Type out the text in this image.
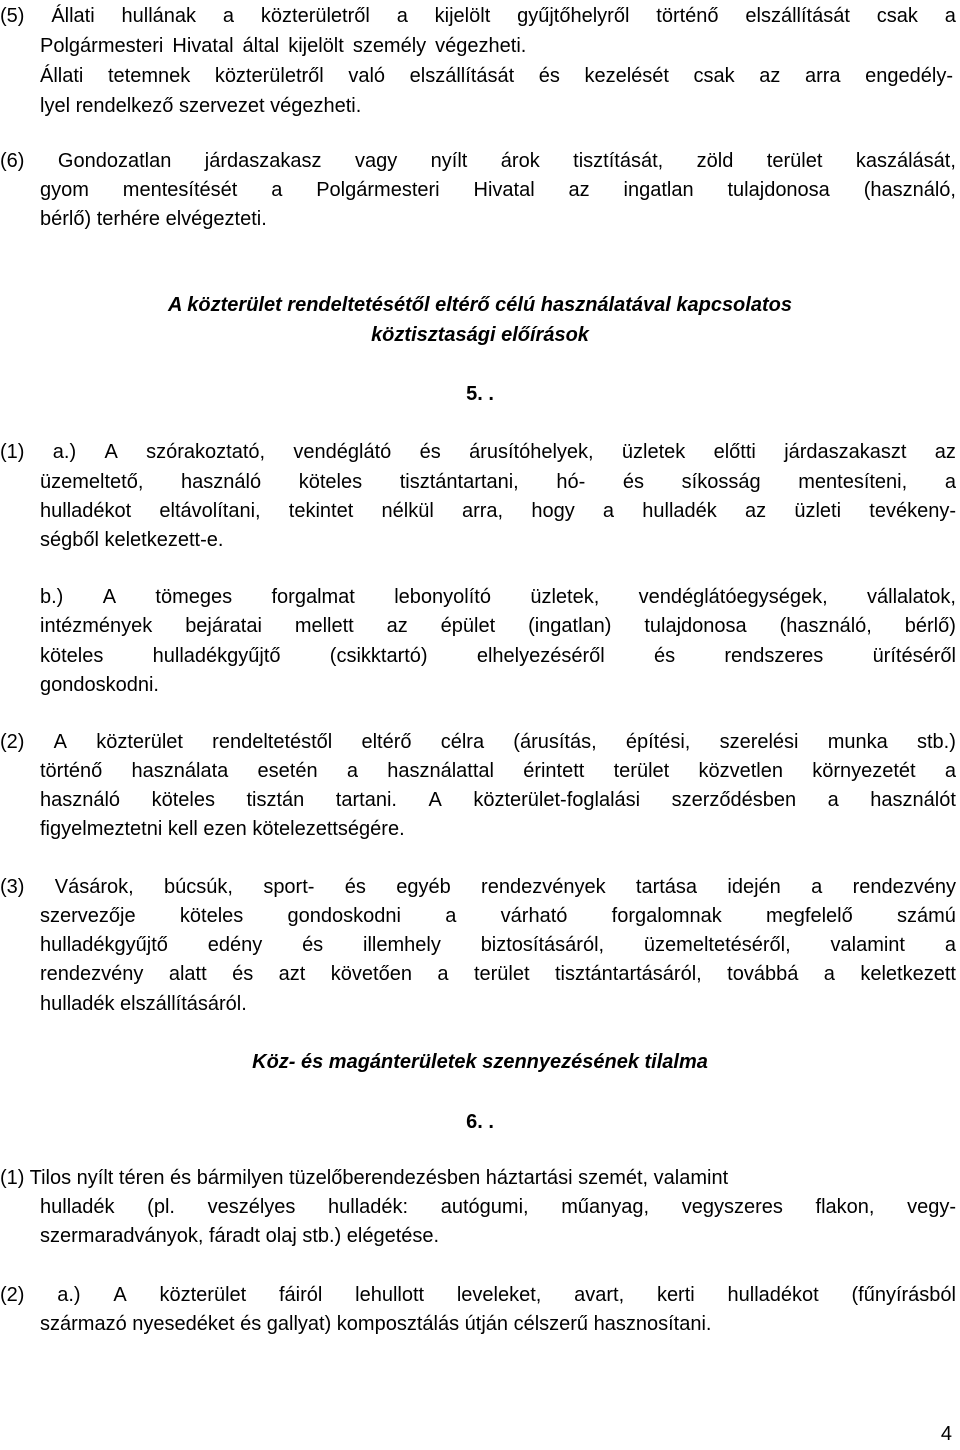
(5) Állati hullának a közterületről a kijelölt gyűjtőhelyről történő elszállítását csak a
Polgármesteri Hivatal által kijelölt személy végezheti.
Állati tetemnek közterületről való elszállítását és kezelését csak az arra engedély-
lyel rendelkező szervezet végezheti.
(6) Gondozatlan járdaszakasz vagy nyílt árok tisztítását, zöld terület kaszálását,
gyom mentesítését a Polgármesteri Hivatal az ingatlan tulajdonosa (használó,
bérlő) terhére elvégezteti.
A közterület rendeltetésétől eltérő célú használatával kapcsolatos
köztisztasági előírások
5. .
(1) a.) A szórakoztató, vendéglátó és árusítóhelyek, üzletek előtti járdaszakaszt az
üzemeltető, használó köteles tisztántartani, hó- és síkosság mentesíteni, a
hulladékot eltávolítani, tekintet nélkül arra, hogy a hulladék az üzleti tevékeny-
ségből keletkezett-e.
b.) A tömeges forgalmat lebonyolító üzletek, vendéglátóegységek, vállalatok,
intézmények bejáratai mellett az épület (ingatlan) tulajdonosa (használó, bérlő)
köteles hulladékgyűjtő (csikktartó) elhelyezéséről és rendszeres ürítéséről
gondoskodni.
(2) A közterület rendeltetéstől eltérő célra (árusítás, építési, szerelési munka stb.)
történő használata esetén a használattal érintett terület közvetlen környezetét a
használó köteles tisztán tartani. A közterület-foglalási szerződésben a használót
figyelmeztetni kell ezen kötelezettségére.
(3) Vásárok, búcsúk, sport- és egyéb rendezvények tartása idején a rendezvény
szervezője köteles gondoskodni a várható forgalomnak megfelelő számú
hulladékgyűjtő edény és illemhely biztosításáról, üzemeltetéséről, valamint a
rendezvény alatt és azt követően a terület tisztántartásáról, továbbá a keletkezett
hulladék elszállításáról.
Köz- és magánterületek szennyezésének tilalma
6. .
(1) Tilos nyílt téren és bármilyen tüzelőberendezésben háztartási szemét, valamint
hulladék (pl. veszélyes hulladék: autógumi, műanyag, vegyszeres flakon, vegy-
szermaradványok, fáradt olaj stb.) elégetése.
(2) a.) A közterület fáiról lehullott leveleket, avart, kerti hulladékot (fűnyírásból
származó nyesedéket és gallyat) komposztálás útján célszerű hasznosítani.
4
